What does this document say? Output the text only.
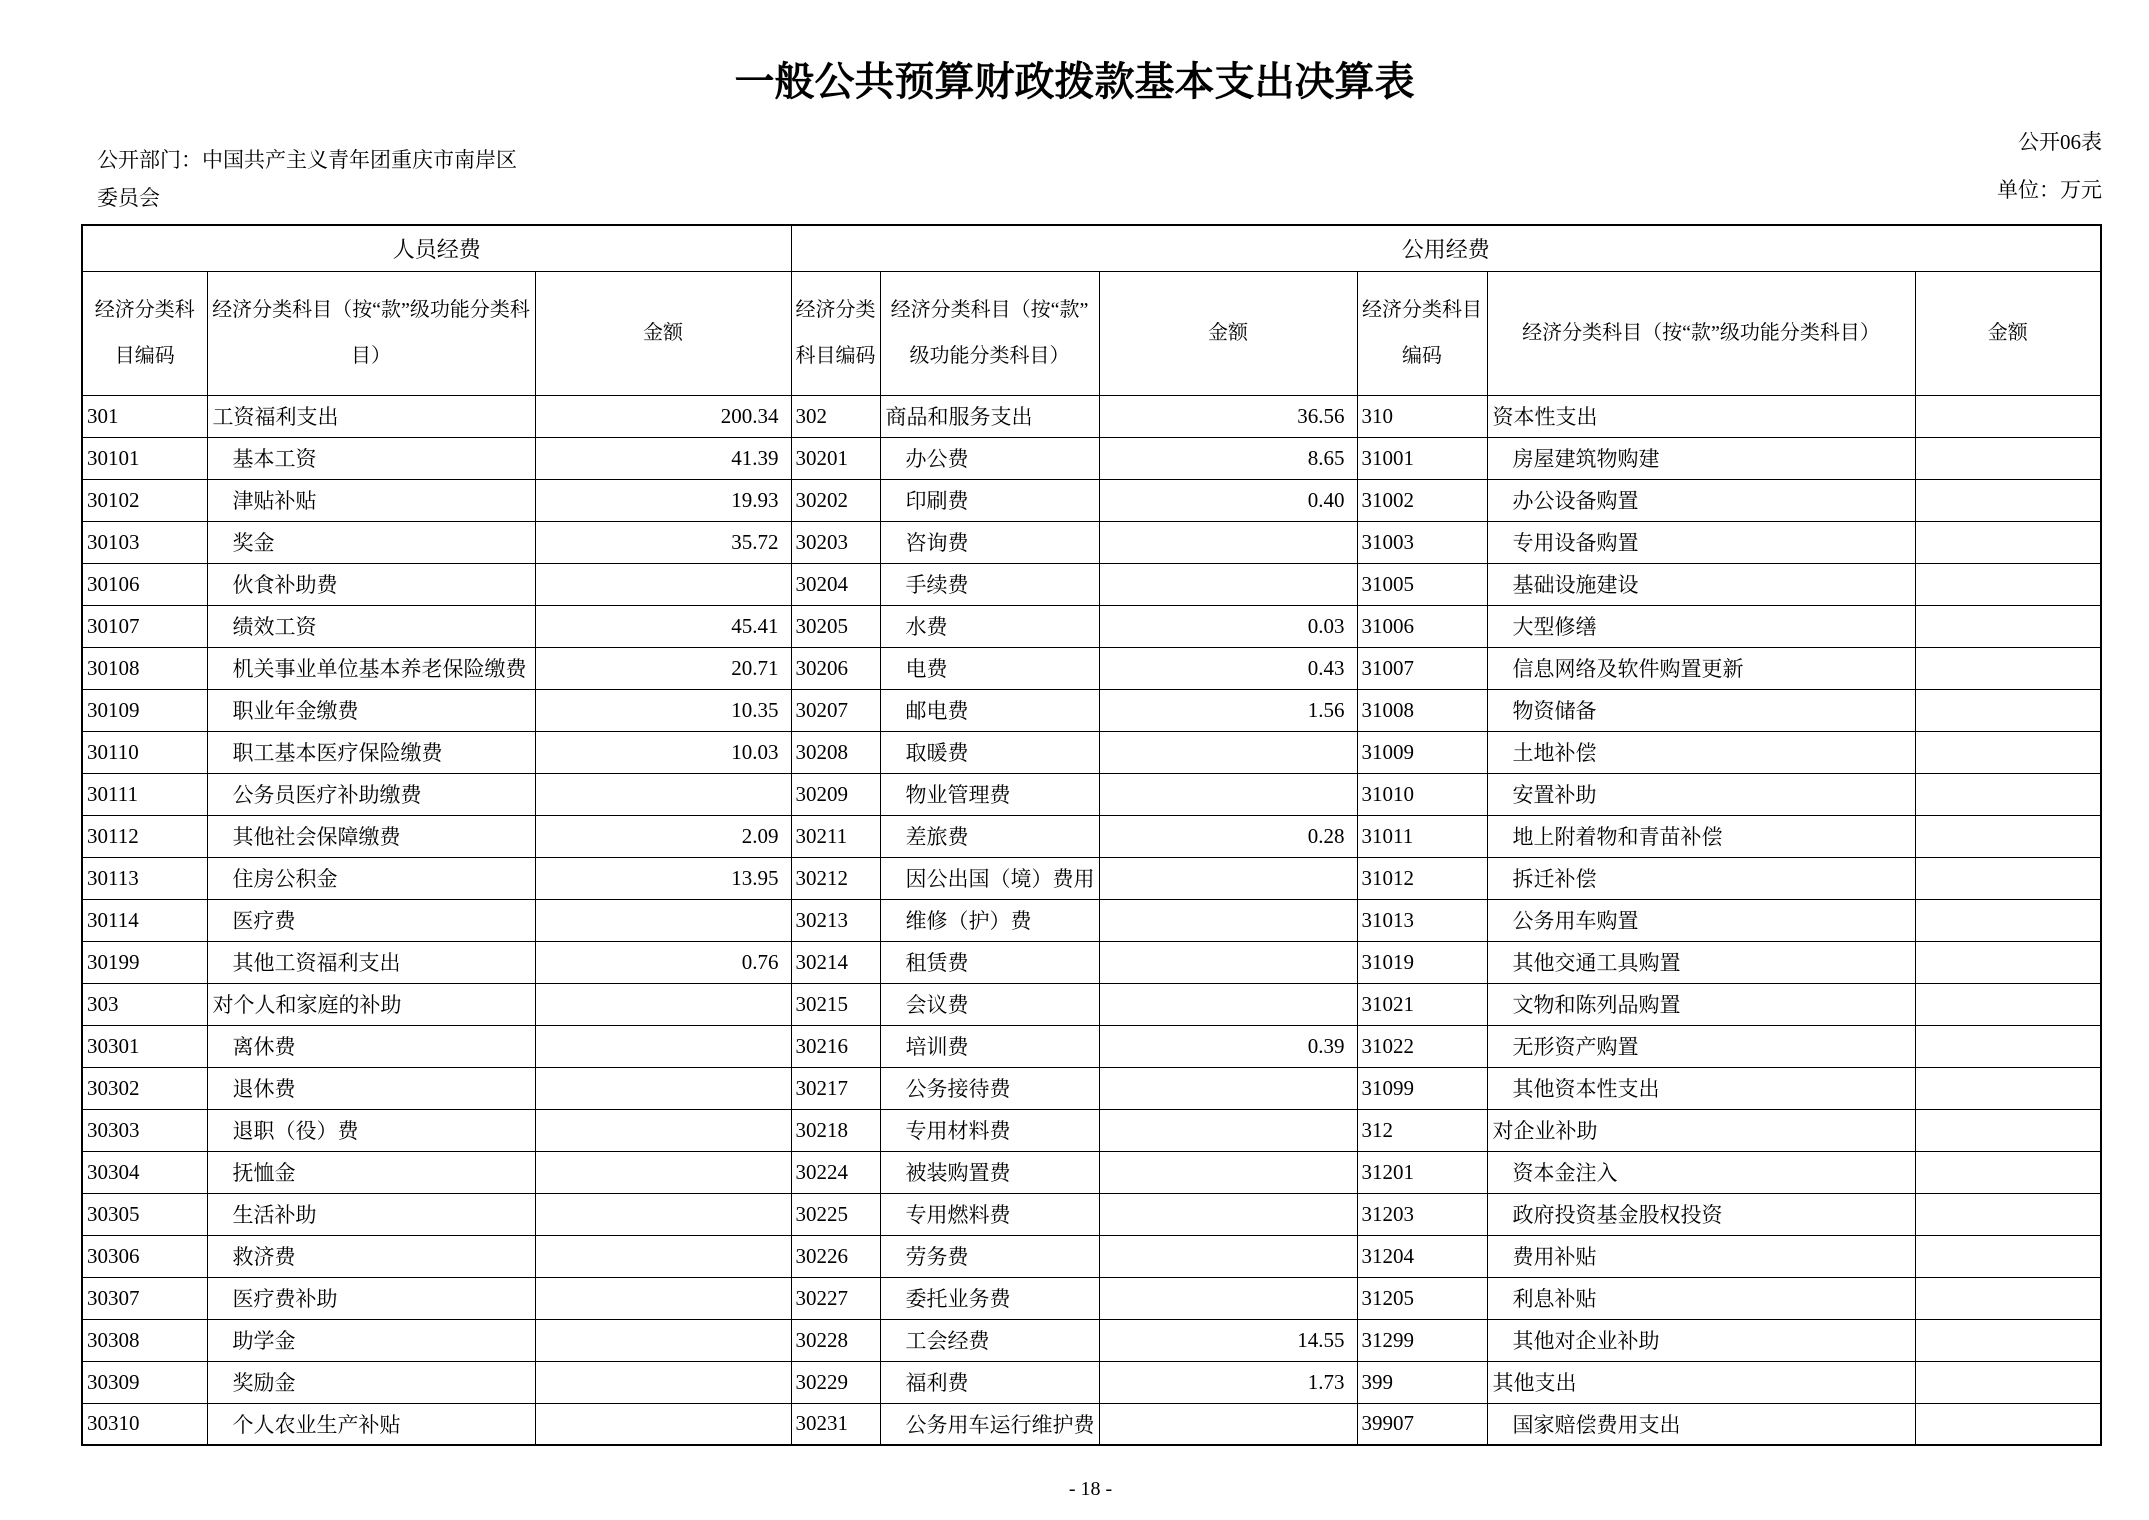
一般公共预算财政拨款基本支出决算表
公开部门：中国共产主义青年团重庆市南岸区
委员会
公开06表
单位：万元
人员经费			公用经费					
经济分类科目编码	经济分类科目（按“款”级功能分类科目）	金额	经济分类科目编码	经济分类科目（按“款”级功能分类科目）	金额	经济分类科目编码	经济分类科目（按“款”级功能分类科目）	金额
301	工资福利支出	200.34	302	商品和服务支出	36.56	310	资本性支出	
30101	基本工资	41.39	30201	办公费	8.65	31001	房屋建筑物购建	
30102	津贴补贴	19.93	30202	印刷费	0.40	31002	办公设备购置	
30103	奖金	35.72	30203	咨询费		31003	专用设备购置	
30106	伙食补助费		30204	手续费		31005	基础设施建设	
30107	绩效工资	45.41	30205	水费	0.03	31006	大型修缮	
30108	机关事业单位基本养老保险缴费	20.71	30206	电费	0.43	31007	信息网络及软件购置更新	
30109	职业年金缴费	10.35	30207	邮电费	1.56	31008	物资储备	
30110	职工基本医疗保险缴费	10.03	30208	取暖费		31009	土地补偿	
30111	公务员医疗补助缴费		30209	物业管理费		31010	安置补助	
30112	其他社会保障缴费	2.09	30211	差旅费	0.28	31011	地上附着物和青苗补偿	
30113	住房公积金	13.95	30212	因公出国（境）费用		31012	拆迁补偿	
30114	医疗费		30213	维修（护）费		31013	公务用车购置	
30199	其他工资福利支出	0.76	30214	租赁费		31019	其他交通工具购置	
303	对个人和家庭的补助		30215	会议费		31021	文物和陈列品购置	
30301	离休费		30216	培训费	0.39	31022	无形资产购置	
30302	退休费		30217	公务接待费		31099	其他资本性支出	
30303	退职（役）费		30218	专用材料费		312	对企业补助	
30304	抚恤金		30224	被装购置费		31201	资本金注入	
30305	生活补助		30225	专用燃料费		31203	政府投资基金股权投资	
30306	救济费		30226	劳务费		31204	费用补贴	
30307	医疗费补助		30227	委托业务费		31205	利息补贴	
30308	助学金		30228	工会经费	14.55	31299	其他对企业补助	
30309	奖励金		30229	福利费	1.73	399	其他支出	
30310	个人农业生产补贴		30231	公务用车运行维护费		39907	国家赔偿费用支出	
- 18 -
